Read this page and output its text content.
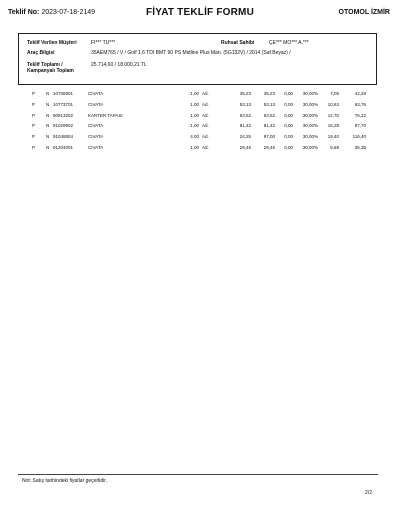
Teklif No: 2023-07-18-2149	FİYAT TEKLİF FORMU	OTOMOL İZMİR
Teklif Verilen Müşteri	FI*** TU***	Ruhsat Sahibi	ÇE*** MO*** A.***
Araç Bilgisi	35AEM765 / V / Golf 1.6 TDI BMT 90 PS Midline Plus Man. (5G132V) / 2014 (Saf Beyaz) /
Teklif Toplamı /
Kampanyalı Toplam
25.714,60 / 18.000,21 TL
P N 10706901	CIVATA	1,00 Ad.	35,23	35,23	0,00 30,00%	7,05	42,28
P N 10773701	CIVATA	1,00 Ad.	53,13	53,13	0,00 30,00%	10,63	63,76
P N 90813202	KARTER TAPASI	1,00 Ad.	63,52	63,52	0,00 30,00%	12,70	76,22
P N 91029902	CIVATA	1,00 Ad.	81,42	81,42	0,00 30,00%	16,28	97,70
P N 91048804	CIVATA	4,00 Ad.	24,25	97,00	0,00 30,00%	19,40	116,40
P N 91204001	CIVATA	1,00 Ad.	29,46	29,46	0,00 30,00%	5,89	35,35
Not: Satış tarihindeki fiyatlar geçerlidir.
2/2
